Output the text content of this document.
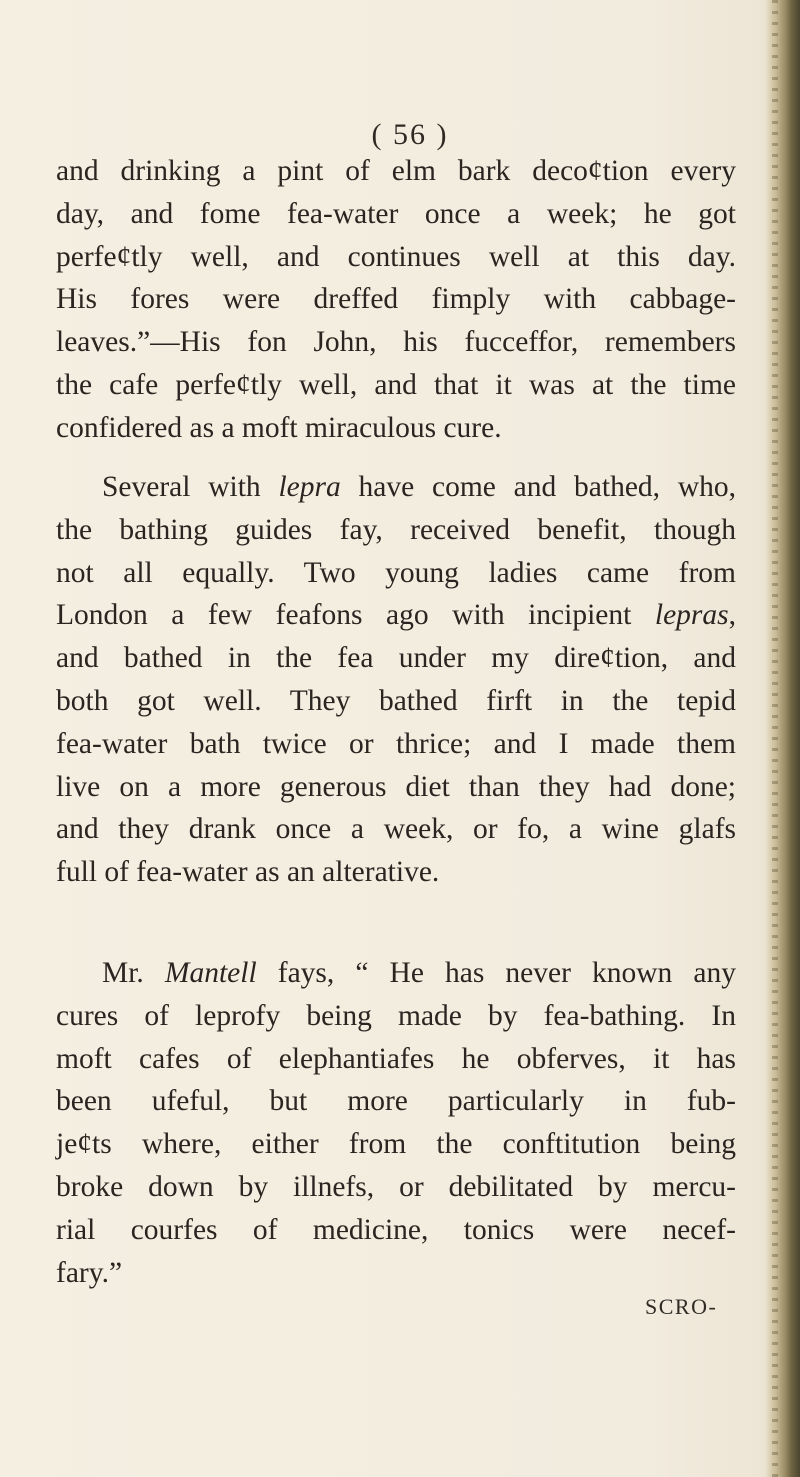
( 56 )
and drinking a pint of elm bark deco¢tion every
day, and fome fea-water once a week; he got
perfe¢tly well, and continues well at this day.
His fores were dreffed fimply with cabbage-
leaves.”—His fon John, his fucceffor, remembers
the cafe perfe¢tly well, and that it was at the time
confidered as a moft miraculous cure.
Several with lepra have come and bathed, who,
the bathing guides fay, received benefit, though
not all equally. Two young ladies came from
London a few feafons ago with incipient lepras,
and bathed in the fea under my dire¢tion, and
both got well. They bathed firft in the tepid
fea-water bath twice or thrice; and I made them
live on a more generous diet than they had done;
and they drank once a week, or fo, a wine glafs
full of fea-water as an alterative.
Mr. Mantell fays, “ He has never known any
cures of leprofy being made by fea-bathing. In
moft cafes of elephantiafes he obferves, it has
been ufeful, but more particularly in fub-
je¢ts where, either from the conftitution being
broke down by illnefs, or debilitated by mercu-
rial courfes of medicine, tonics were necef-
fary.”
SCRO-
